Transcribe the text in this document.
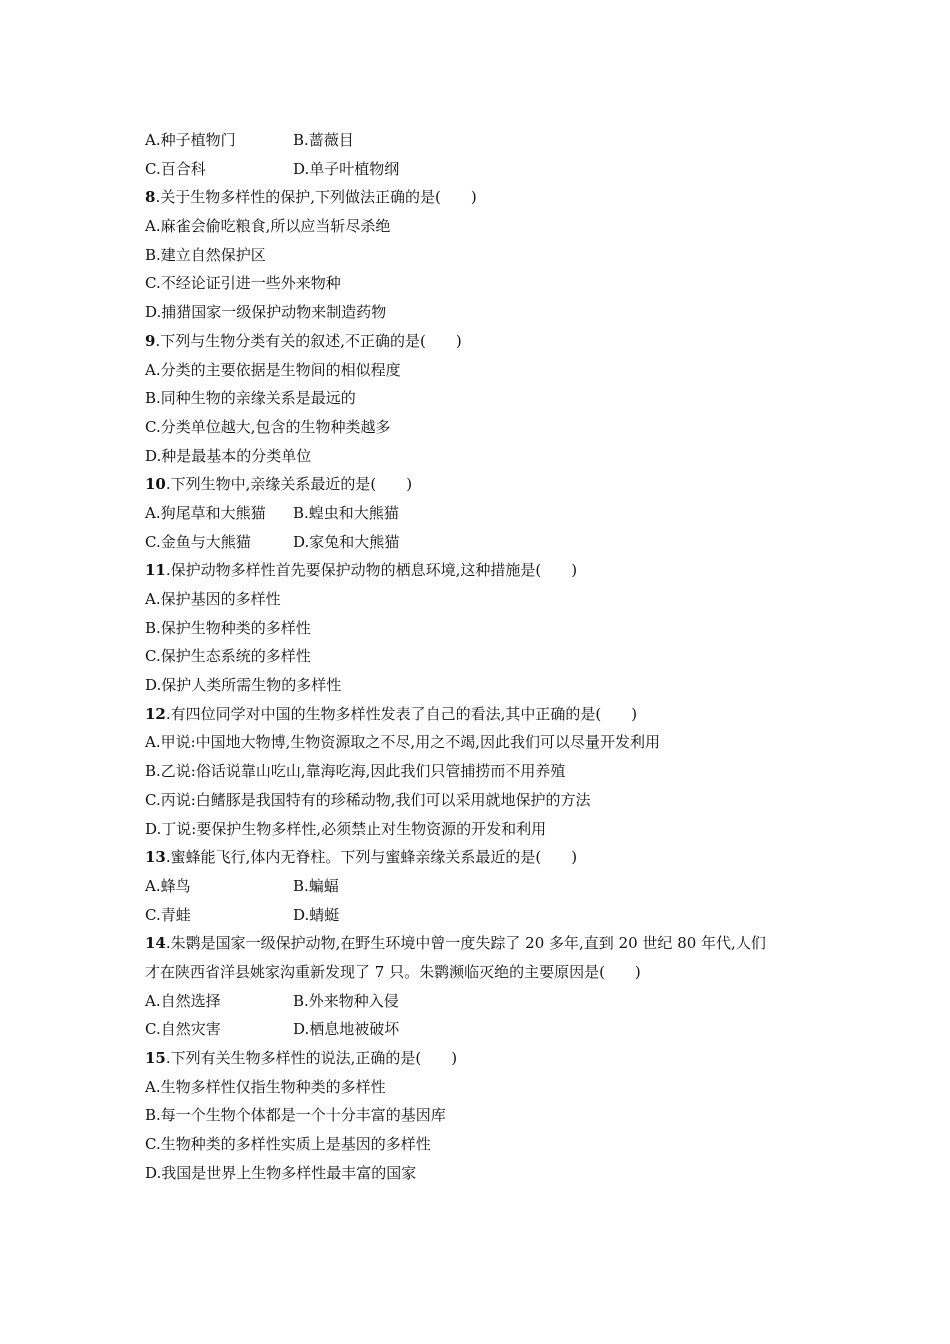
A.种子植物门	B.蔷薇目
C.百合科	D.单子叶植物纲
8.关于生物多样性的保护,下列做法正确的是(　　)
A.麻雀会偷吃粮食,所以应当斩尽杀绝
B.建立自然保护区
C.不经论证引进一些外来物种
D.捕猎国家一级保护动物来制造药物
9.下列与生物分类有关的叙述,不正确的是(　　)
A.分类的主要依据是生物间的相似程度
B.同种生物的亲缘关系是最远的
C.分类单位越大,包含的生物种类越多
D.种是最基本的分类单位
10.下列生物中,亲缘关系最近的是(　　)
A.狗尾草和大熊猫	B.蝗虫和大熊猫
C.金鱼与大熊猫	D.家兔和大熊猫
11.保护动物多样性首先要保护动物的栖息环境,这种措施是(　　)
A.保护基因的多样性
B.保护生物种类的多样性
C.保护生态系统的多样性
D.保护人类所需生物的多样性
12.有四位同学对中国的生物多样性发表了自己的看法,其中正确的是(　　)
A.甲说:中国地大物博,生物资源取之不尽,用之不竭,因此我们可以尽量开发利用
B.乙说:俗话说靠山吃山,靠海吃海,因此我们只管捕捞而不用养殖
C.丙说:白鳍豚是我国特有的珍稀动物,我们可以采用就地保护的方法
D.丁说:要保护生物多样性,必须禁止对生物资源的开发和利用
13.蜜蜂能飞行,体内无脊柱。下列与蜜蜂亲缘关系最近的是(　　)
A.蜂鸟	B.蝙蝠
C.青蛙	D.蜻蜓
14.朱鹮是国家一级保护动物,在野生环境中曾一度失踪了 20 多年,直到 20 世纪 80 年代,人们
才在陕西省洋县姚家沟重新发现了 7 只。朱鹮濒临灭绝的主要原因是(　　)
A.自然选择	B.外来物种入侵
C.自然灾害	D.栖息地被破坏
15.下列有关生物多样性的说法,正确的是(　　)
A.生物多样性仅指生物种类的多样性
B.每一个生物个体都是一个十分丰富的基因库
C.生物种类的多样性实质上是基因的多样性
D.我国是世界上生物多样性最丰富的国家
